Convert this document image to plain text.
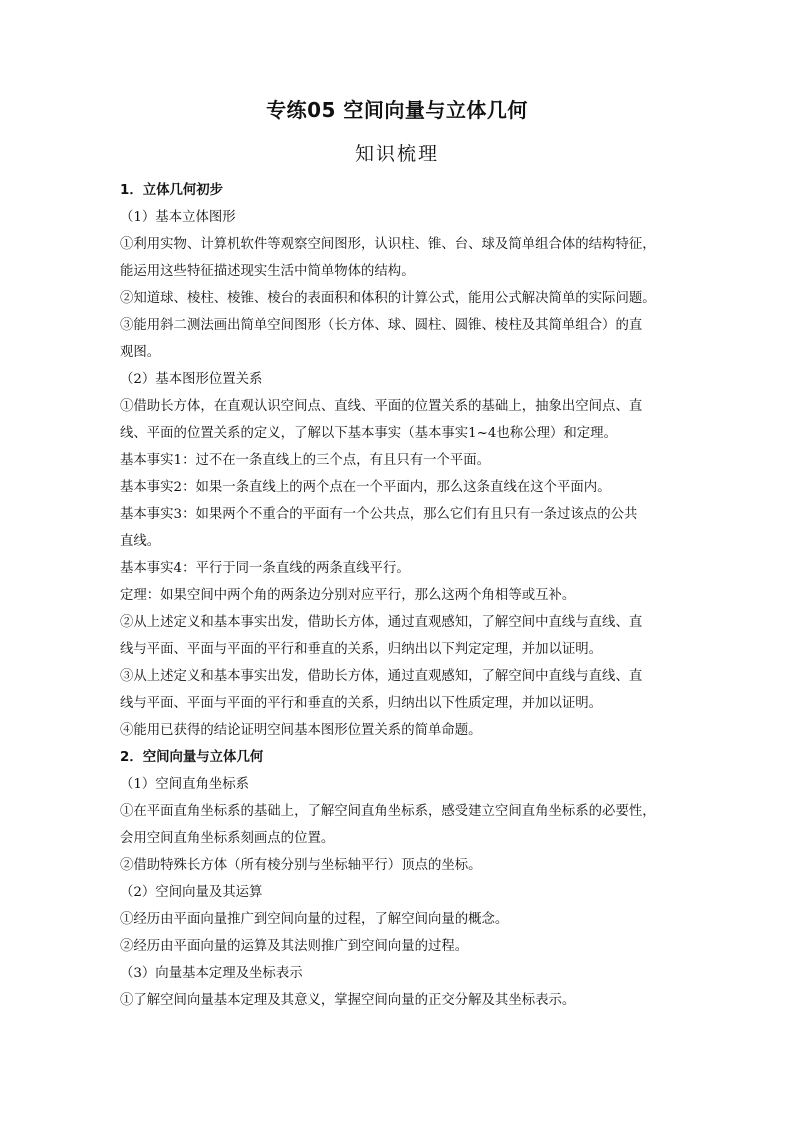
专练05 空间向量与立体几何
知识梳理
1．立体几何初步
（1）基本立体图形
①利用实物、计算机软件等观察空间图形，认识柱、锥、台、球及简单组合体的结构特征，
能运用这些特征描述现实生活中简单物体的结构。
②知道球、棱柱、棱锥、棱台的表面积和体积的计算公式，能用公式解决简单的实际问题。
③能用斜二测法画出简单空间图形（长方体、球、圆柱、圆锥、棱柱及其简单组合）的直
观图。
（2）基本图形位置关系
①借助长方体，在直观认识空间点、直线、平面的位置关系的基础上，抽象出空间点、直
线、平面的位置关系的定义，了解以下基本事实（基本事实1~4也称公理）和定理。
基本事实1：过不在一条直线上的三个点，有且只有一个平面。
基本事实2：如果一条直线上的两个点在一个平面内，那么这条直线在这个平面内。
基本事实3：如果两个不重合的平面有一个公共点，那么它们有且只有一条过该点的公共
直线。
基本事实4：平行于同一条直线的两条直线平行。
定理：如果空间中两个角的两条边分别对应平行，那么这两个角相等或互补。
②从上述定义和基本事实出发，借助长方体，通过直观感知，了解空间中直线与直线、直
线与平面、平面与平面的平行和垂直的关系，归纳出以下判定定理，并加以证明。
③从上述定义和基本事实出发，借助长方体，通过直观感知，了解空间中直线与直线、直
线与平面、平面与平面的平行和垂直的关系，归纳出以下性质定理，并加以证明。
④能用已获得的结论证明空间基本图形位置关系的简单命题。
2．空间向量与立体几何
（1）空间直角坐标系
①在平面直角坐标系的基础上，了解空间直角坐标系，感受建立空间直角坐标系的必要性，
会用空间直角坐标系刻画点的位置。
②借助特殊长方体（所有棱分别与坐标轴平行）顶点的坐标。
（2）空间向量及其运算
①经历由平面向量推广到空间向量的过程，了解空间向量的概念。
②经历由平面向量的运算及其法则推广到空间向量的过程。
（3）向量基本定理及坐标表示
①了解空间向量基本定理及其意义，掌握空间向量的正交分解及其坐标表示。
